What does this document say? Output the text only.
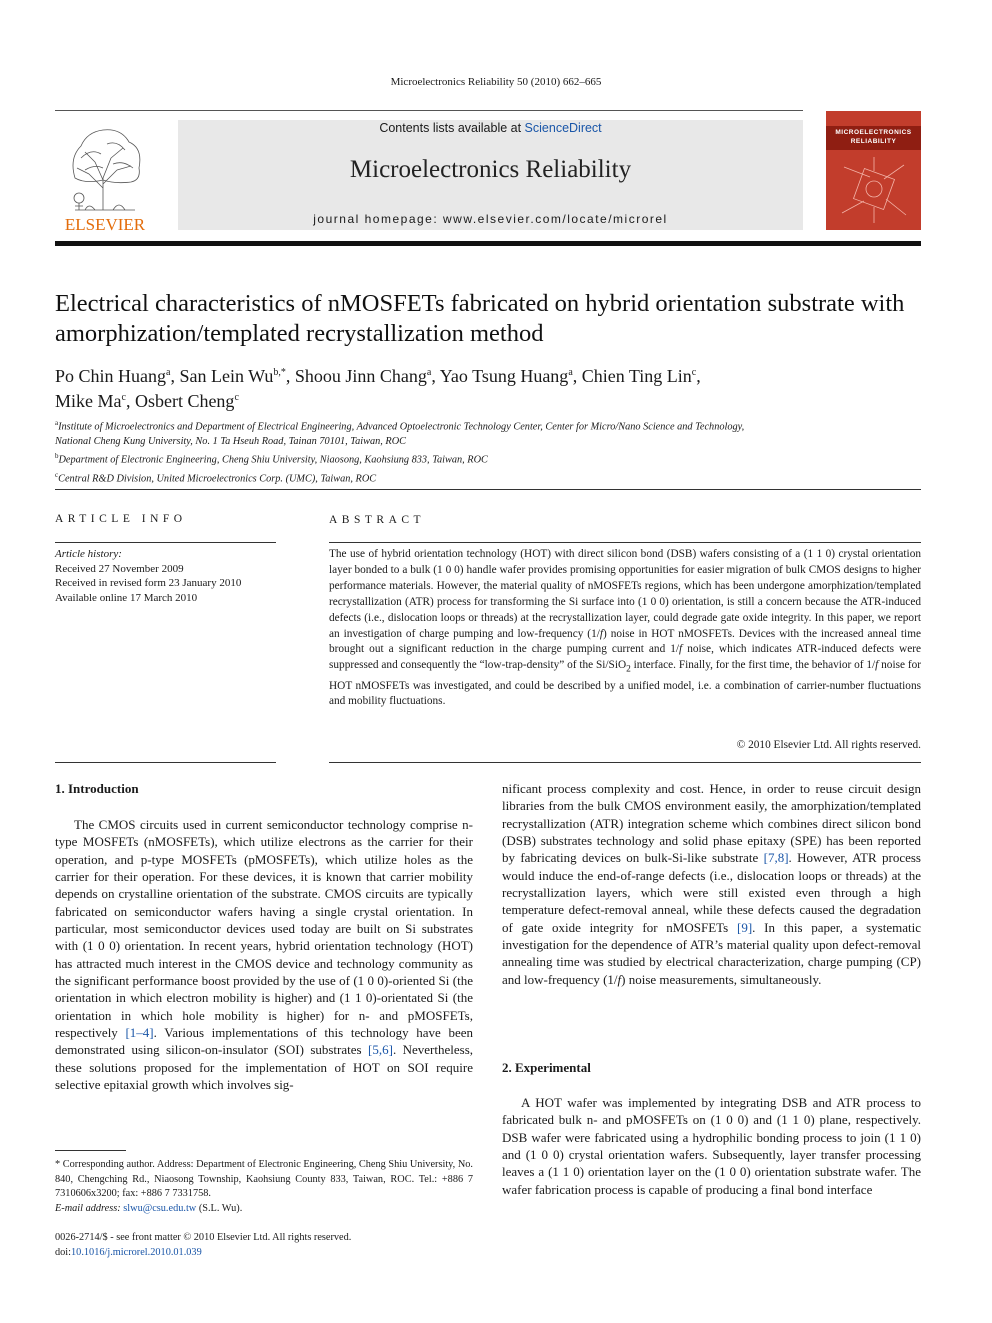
Microelectronics Reliability 50 (2010) 662–665
ELSEVIER
Contents lists available at ScienceDirect
Microelectronics Reliability
journal homepage: www.elsevier.com/locate/microrel
MICROELECTRONICS
RELIABILITY
Electrical characteristics of nMOSFETs fabricated on hybrid orientation substrate with amorphization/templated recrystallization method
Po Chin Huang$^a$, San Lein $Wu^{b,*}$, Shoou Jinn Chang$^a$, Yao Tsung Huang$^a$, Chien Ting Lin$^c$,
Mike Ma$^c$, Osbert Cheng$^c$
$^a$Institute of Microelectronics and Department of Electrical Engineering, Advanced Optoelectronic Technology Center, Center for Micro/Nano Science and Technology,
National Cheng Kung University, No. 1 Ta Hseuh Road, Tainan 70101, Taiwan, ROC
$^b$Department of Electronic Engineering, Cheng Shiu University, Niaosong, Kaohsiung 833, Taiwan, ROC
$^c$Central R&D Division, United Microelectronics Corp. (UMC), Taiwan, ROC
ARTICLE INFO	ABSTRACT
Article history:
Received 27 November 2009
Received in revised form 23 January 2010
Available online 17 March 2010
The use of hybrid orientation technology (HOT) with direct silicon bond (DSB) wafers consisting of a (1 1 0) crystal orientation layer bonded to a bulk (1 0 0) handle wafer provides promising opportunities for easier migration of bulk CMOS designs to higher performance materials. However, the material quality of nMOSFETs regions, which has been undergone amorphization/templated recrystallization (ATR) process for transforming the Si surface into (1 0 0) orientation, is still a concern because the ATR-induced defects (i.e., dislocation loops or threads) at the recrystallization layer, could degrade gate oxide integrity. In this paper, we report an investigation of charge pumping and low-frequency (1/f) noise in HOT nMOSFETs. Devices with the increased anneal time brought out a significant reduction in the charge pumping current and 1/f noise, which indicates ATR-induced defects were suppressed and consequently the “low-trap-density” of the Si/SiO$_2$ interface. Finally, for the first time, the behavior of 1/f noise for HOT nMOSFETs was investigated, and could be described by a unified model, i.e. a combination of carrier-number fluctuations and mobility fluctuations.
© 2010 Elsevier Ltd. All rights reserved.
1. Introduction
The CMOS circuits used in current semiconductor technology comprise n-type MOSFETs (nMOSFETs), which utilize electrons as the carrier for their operation, and p-type MOSFETs (pMOSFETs), which utilize holes as the carrier for their operation. For these devices, it is known that carrier mobility depends on crystalline orientation of the substrate. CMOS circuits are typically fabricated on semiconductor wafers having a single crystal orientation. In particular, most semiconductor devices used today are built on Si substrates with (1 0 0) orientation. In recent years, hybrid orientation technology (HOT) has attracted much interest in the CMOS device and technology community as the significant performance boost provided by the use of (1 0 0)-oriented Si (the orientation in which electron mobility is higher) and (1 1 0)-orientated Si (the orientation in which hole mobility is higher) for n- and pMOSFETs, respectively [1–4]. Various implementations of this technology have been demonstrated using silicon-on-insulator (SOI) substrates [5,6]. Nevertheless, these solutions proposed for the implementation of HOT on SOI require selective epitaxial growth which involves sig-
nificant process complexity and cost. Hence, in order to reuse circuit design libraries from the bulk CMOS environment easily, the amorphization/templated recrystallization (ATR) integration scheme which combines direct silicon bond (DSB) substrates technology and solid phase epitaxy (SPE) has been reported by fabricating devices on bulk-Si-like substrate [7,8]. However, ATR process would induce the end-of-range defects (i.e., dislocation loops or threads) at the recrystallization layers, which were still existed even through a high temperature defect-removal anneal, while these defects caused the degradation of gate oxide integrity for nMOSFETs [9]. In this paper, a systematic investigation for the dependence of ATR’s material quality upon defect-removal annealing time was studied by electrical characterization, charge pumping (CP) and low-frequency (1/f) noise measurements, simultaneously.
2. Experimental
A HOT wafer was implemented by integrating DSB and ATR process to fabricated bulk n- and pMOSFETs on (1 0 0) and (1 1 0) plane, respectively. DSB wafer were fabricated using a hydrophilic bonding process to join (1 1 0) and (1 0 0) crystal orientation wafers. Subsequently, layer transfer processing leaves a (1 1 0) orientation layer on the (1 0 0) orientation substrate wafer. The wafer fabrication process is capable of producing a final bond interface
* Corresponding author. Address: Department of Electronic Engineering, Cheng Shiu University, No. 840, Chengching Rd., Niaosong Township, Kaohsiung County 833, Taiwan, ROC. Tel.: +886 7 7310606x3200; fax: +886 7 7331758.
E-mail address: slwu@csu.edu.tw (S.L. Wu).
0026-2714/$ - see front matter © 2010 Elsevier Ltd. All rights reserved.
doi:10.1016/j.microrel.2010.01.039
